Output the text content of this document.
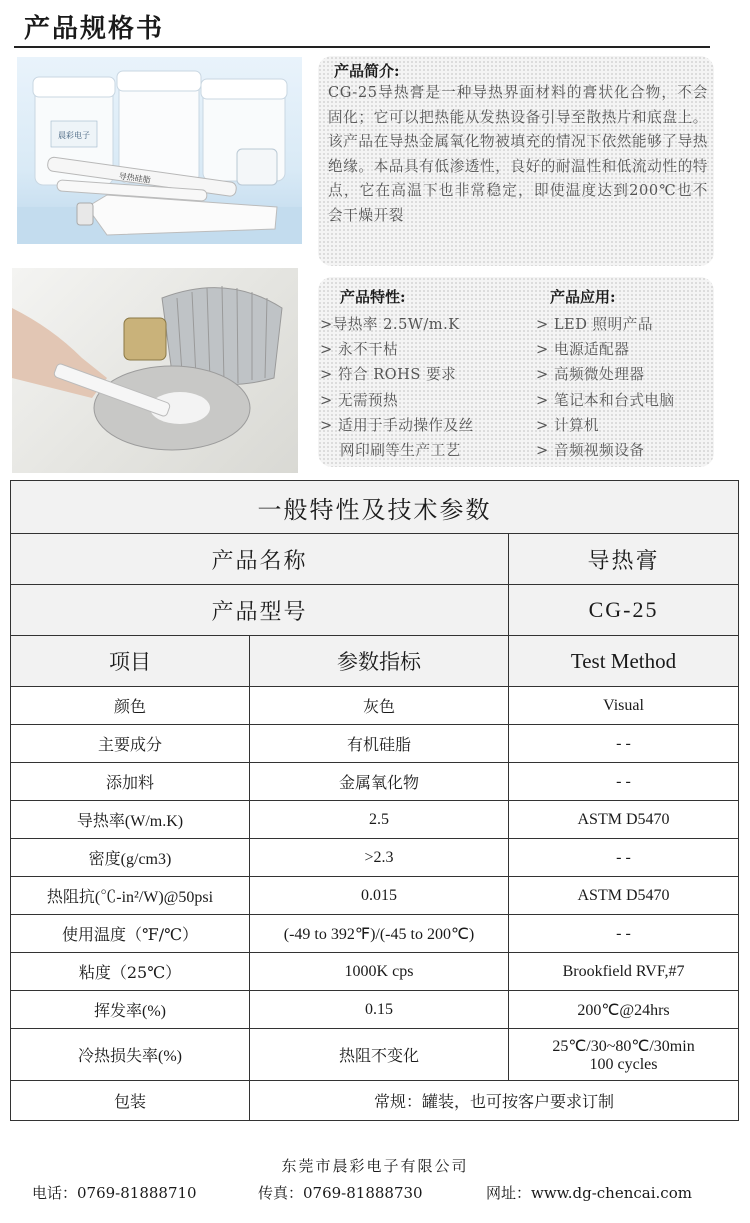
产品规格书
晨彩电子
导热硅脂
产品简介:
CG-25导热膏是一种导热界面材料的膏状化合物，不会固化；它可以把热能从发热设备引导至散热片和底盘上。该产品在导热金属氧化物被填充的情况下依然能够了导热绝缘。本品具有低渗透性，良好的耐温性和低流动性的特点，它在高温下也非常稳定，即使温度达到200℃也不会干燥开裂
产品特性:
>导热率 2.5W/m.K
> 永不干枯
> 符合 ROHS 要求
> 无需预热
> 适用于手动操作及丝
网印刷等生产工艺
产品应用:
> LED 照明产品
> 电源适配器
> 高频微处理器
> 笔记本和台式电脑
> 计算机
> 音频视频设备
一般特性及技术参数		
产品名称		导热膏
产品型号		CG-25
项目	参数指标	Test Method
颜色	灰色	Visual
主要成分	有机硅脂	- -
添加料	金属氧化物	- -
导热率(W/m.K)	2.5	ASTM D5470
密度(g/cm3)	>2.3	- -
热阻抗(℃-in²/W)@50psi	0.015	ASTM D5470
使用温度（℉/℃）	(-49 to 392℉)/(-45 to 200℃)	- -
粘度（25℃）	1000K cps	Brookfield RVF,#7
挥发率(%)	0.15	200℃@24hrs
冷热损失率(%)	热阻不变化	25℃/30~80℃/30min
100 cycles

包装	常规：罐装，也可按客户要求订制	
东莞市晨彩电子有限公司
电话：0769-81888710	传真：0769-81888730	网址：www.dg-chencai.com
